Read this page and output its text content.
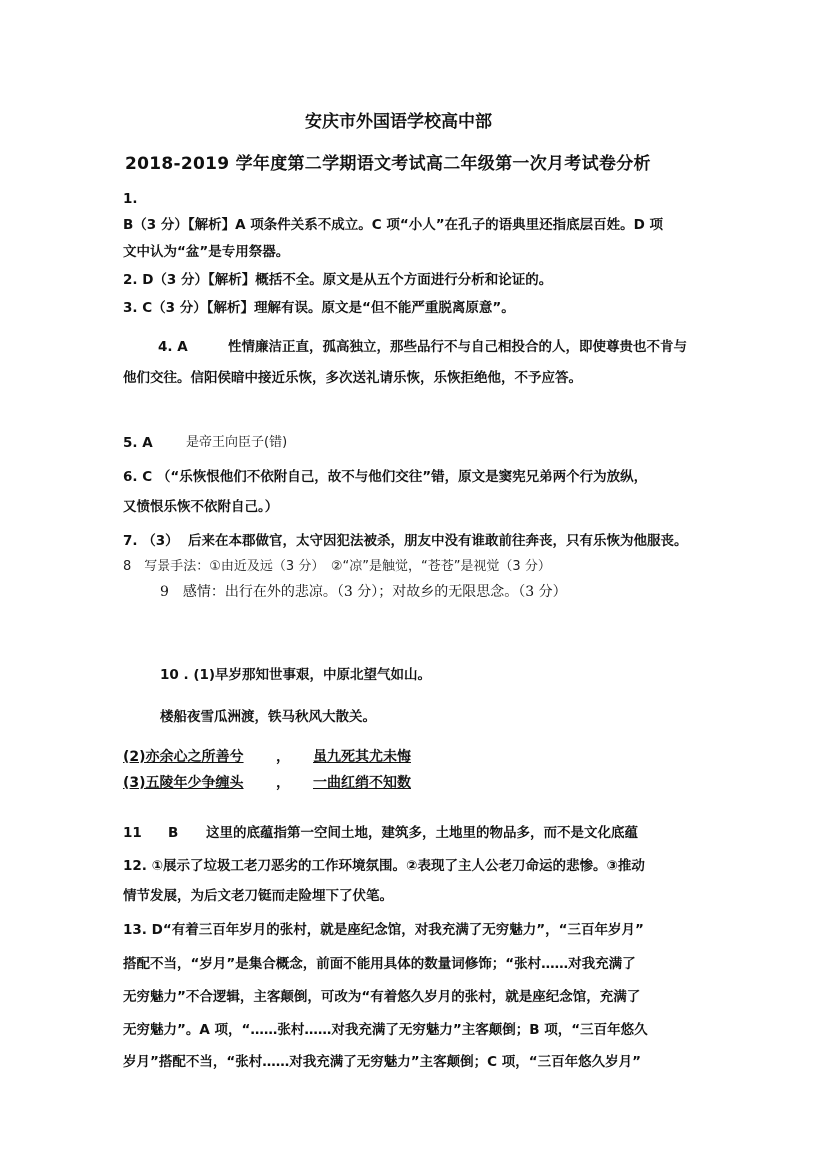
安庆市外国语学校高中部
2018-2019 学年度第二学期语文考试高二年级第一次月考试卷分析
1.
B（3 分）【解析】A 项条件关系不成立。C 项“小人”在孔子的语典里还指底层百姓。D 项
文中认为“盆”是专用祭器。
2. D（3 分）【解析】概括不全。原文是从五个方面进行分析和论证的。
3. C（3 分）【解析】理解有误。原文是“但不能严重脱离原意”。
4. A	性情廉洁正直，孤高独立，那些品行不与自己相投合的人，即使尊贵也不肯与
他们交往。信阳侯暗中接近乐恢，多次送礼请乐恢，乐恢拒绝他，不予应答。
5. A	是帝王向臣子(错)
6. C （“乐恢恨他们不依附自己，故不与他们交往”错，原文是窦宪兄弟两个行为放纵，
又愤恨乐恢不依附自己。）
7. （3） 后来在本郡做官，太守因犯法被杀，朋友中没有谁敢前往奔丧，只有乐恢为他服丧。
8　写景手法：①由近及远（3 分）　②“凉”是触觉，“苍苍”是视觉（3 分）
9　感情：出行在外的悲凉。（3 分）；对故乡的无限思念。（3 分）
10 . (1)早岁那知世事艰，中原北望气如山。
楼船夜雪瓜洲渡，铁马秋风大散关。
(2)亦余心之所善兮 ，	虽九死其尤未悔
(3)五陵年少争缠头 ，	一曲红绡不知数
11 B 这里的底蕴指第一空间土地，建筑多，土地里的物品多，而不是文化底蕴
12. ①展示了垃圾工老刀恶劣的工作环境氛围。②表现了主人公老刀命运的悲惨。③推动
情节发展，为后文老刀铤而走险埋下了伏笔。
13. D“有着三百年岁月的张村，就是座纪念馆，对我充满了无穷魅力”，“三百年岁月”
搭配不当，“岁月”是集合概念，前面不能用具体的数量词修饰；“张村……对我充满了
无穷魅力”不合逻辑，主客颠倒，可改为“有着悠久岁月的张村，就是座纪念馆，充满了
无穷魅力”。A 项，“……张村……对我充满了无穷魅力”主客颠倒；B 项，“三百年悠久
岁月”搭配不当，“张村……对我充满了无穷魅力”主客颠倒；C 项，“三百年悠久岁月”
